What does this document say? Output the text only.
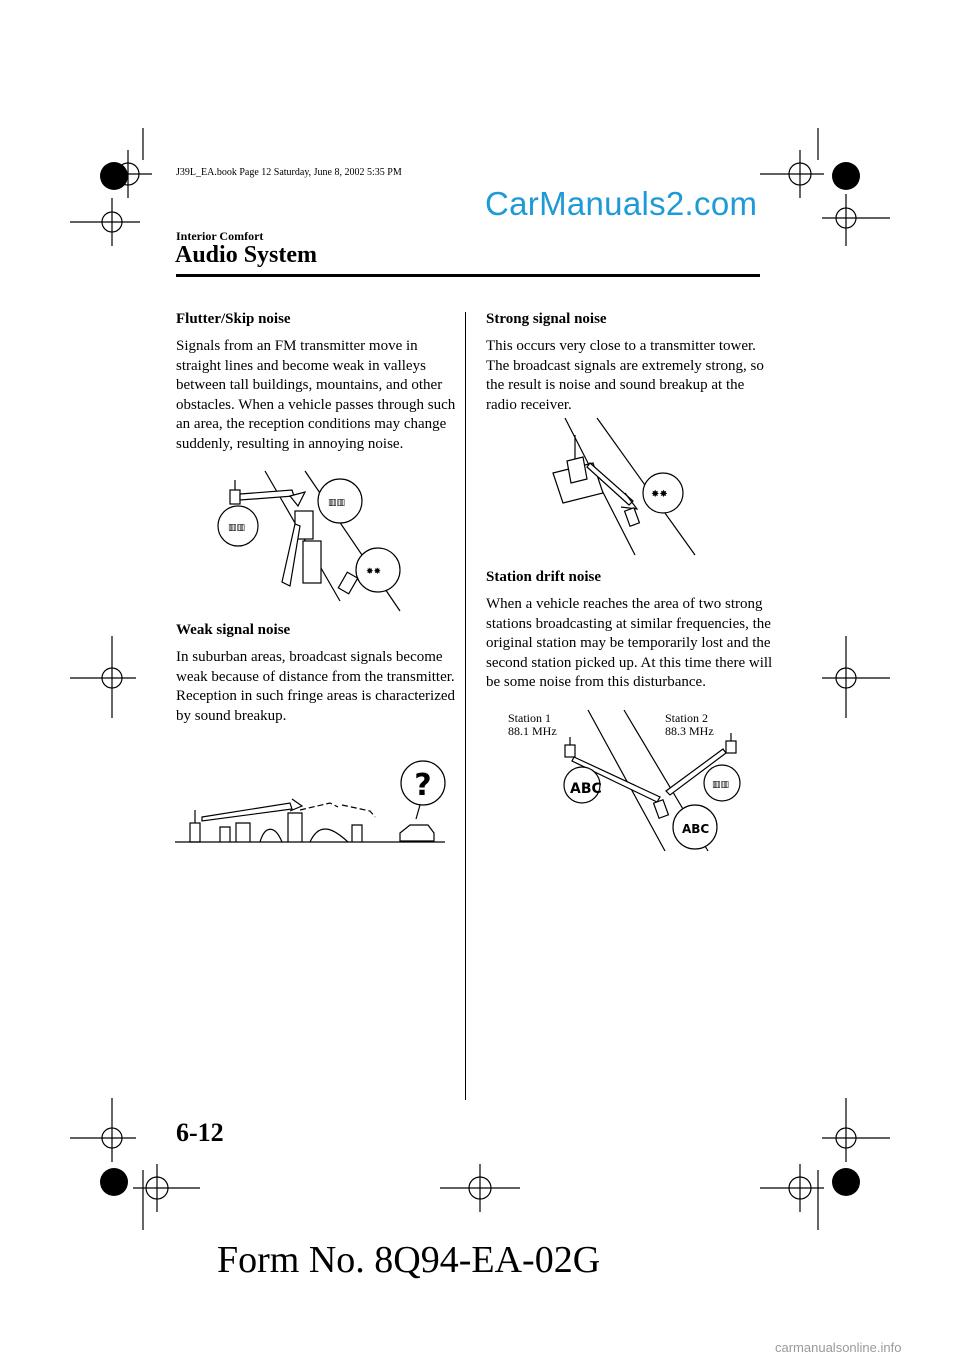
J39L_EA.book Page 12 Saturday, June 8, 2002 5:35 PM
CarManuals2.com
Interior Comfort
Audio System
Flutter/Skip noise

Signals from an FM transmitter move in straight lines and become weak in valleys between tall buildings, mountains, and other obstacles. When a vehicle passes through such an area, the reception conditions may change suddenly, resulting in annoying noise.

▥▥
▥▥
✸✸
Weak signal noise

In suburban areas, broadcast signals become weak because of distance from the transmitter. Reception in such fringe areas is characterized by sound breakup.

?
Strong signal noise

This occurs very close to a transmitter tower. The broadcast signals are extremely strong, so the result is noise and sound breakup at the radio receiver.

✸✸
Station drift noise

When a vehicle reaches the area of two strong stations broadcasting at similar frequencies, the original station may be temporarily lost and the second station picked up. At this time there will be some noise from this disturbance.

Station 1
88.1 MHz
Station 2
88.3 MHz
ABC
ABC
▥▥
6-12
Form No. 8Q94-EA-02G
carmanualsonline.info
